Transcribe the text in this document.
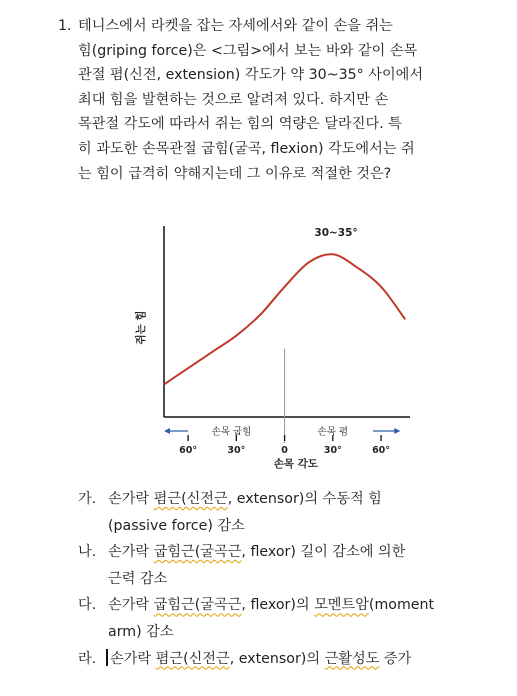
1. 테니스에서 라켓을 잡는 자세에서와 같이 손을 쥐는
힘(griping force)은 <그림>에서 보는 바와 같이 손목
관절 폄(신전, extension) 각도가 약 30~35° 사이에서
최대 힘을 발현하는 것으로 알려져 있다. 하지만 손
목관절 각도에 따라서 쥐는 힘의 역량은 달라진다. 특
히 과도한 손목관절 굽힘(굴곡, flexion) 각도에서는 쥐
는 힘이 급격히 약해지는데 그 이유로 적절한 것은?
30~35°
쥐는 힘
손목 굽힘	손목 폄
60°	30°	0	30°	60°
손목 각도
가. 손가락 폄근(신전근, extensor)의 수동적 힘
(passive force) 감소
나. 손가락 굽힘근(굴곡근, flexor) 길이 감소에 의한
근력 감소
다. 손가락 굽힘근(굴곡근, flexor)의 모멘트암(moment
arm) 감소
라. 손가락 폄근(신전근, extensor)의 근활성도 증가
